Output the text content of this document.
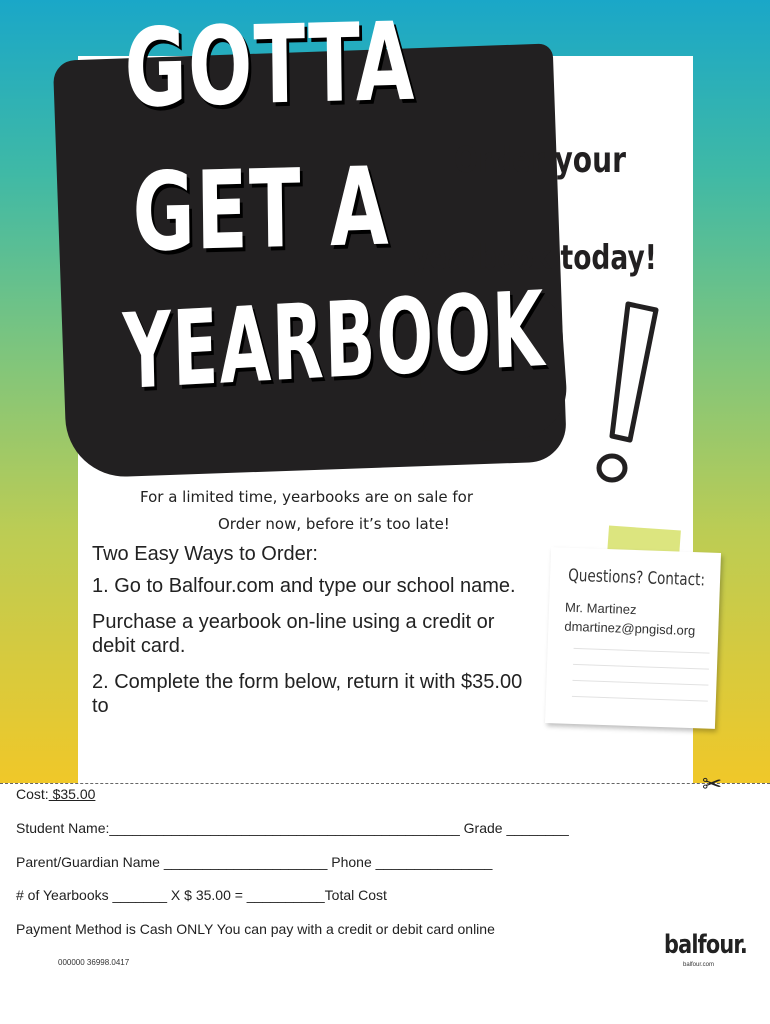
GOTTA
GET A
YEARBOOK
Order your
yearbook today!
For a limited time, yearbooks are on sale for
Order now, before it’s too late!

Two Easy Ways to Order:

1. Go to Balfour.com and type our school name.

Purchase a yearbook on-line using a credit or debit card.

2. Complete the form below, return it with $35.00 to

Questions? Contact:
Mr. Martinez
dmartinez@pngisd.org
✂
Cost: $35.00
Student Name:_____________________________________________ Grade ________
Parent/Guardian Name _____________________ Phone _______________
# of Yearbooks _______ X $ 35.00 = __________Total Cost
Payment Method is Cash ONLY You can pay with a credit or debit card online
000000 36998.0417
balfour.
balfour.com
